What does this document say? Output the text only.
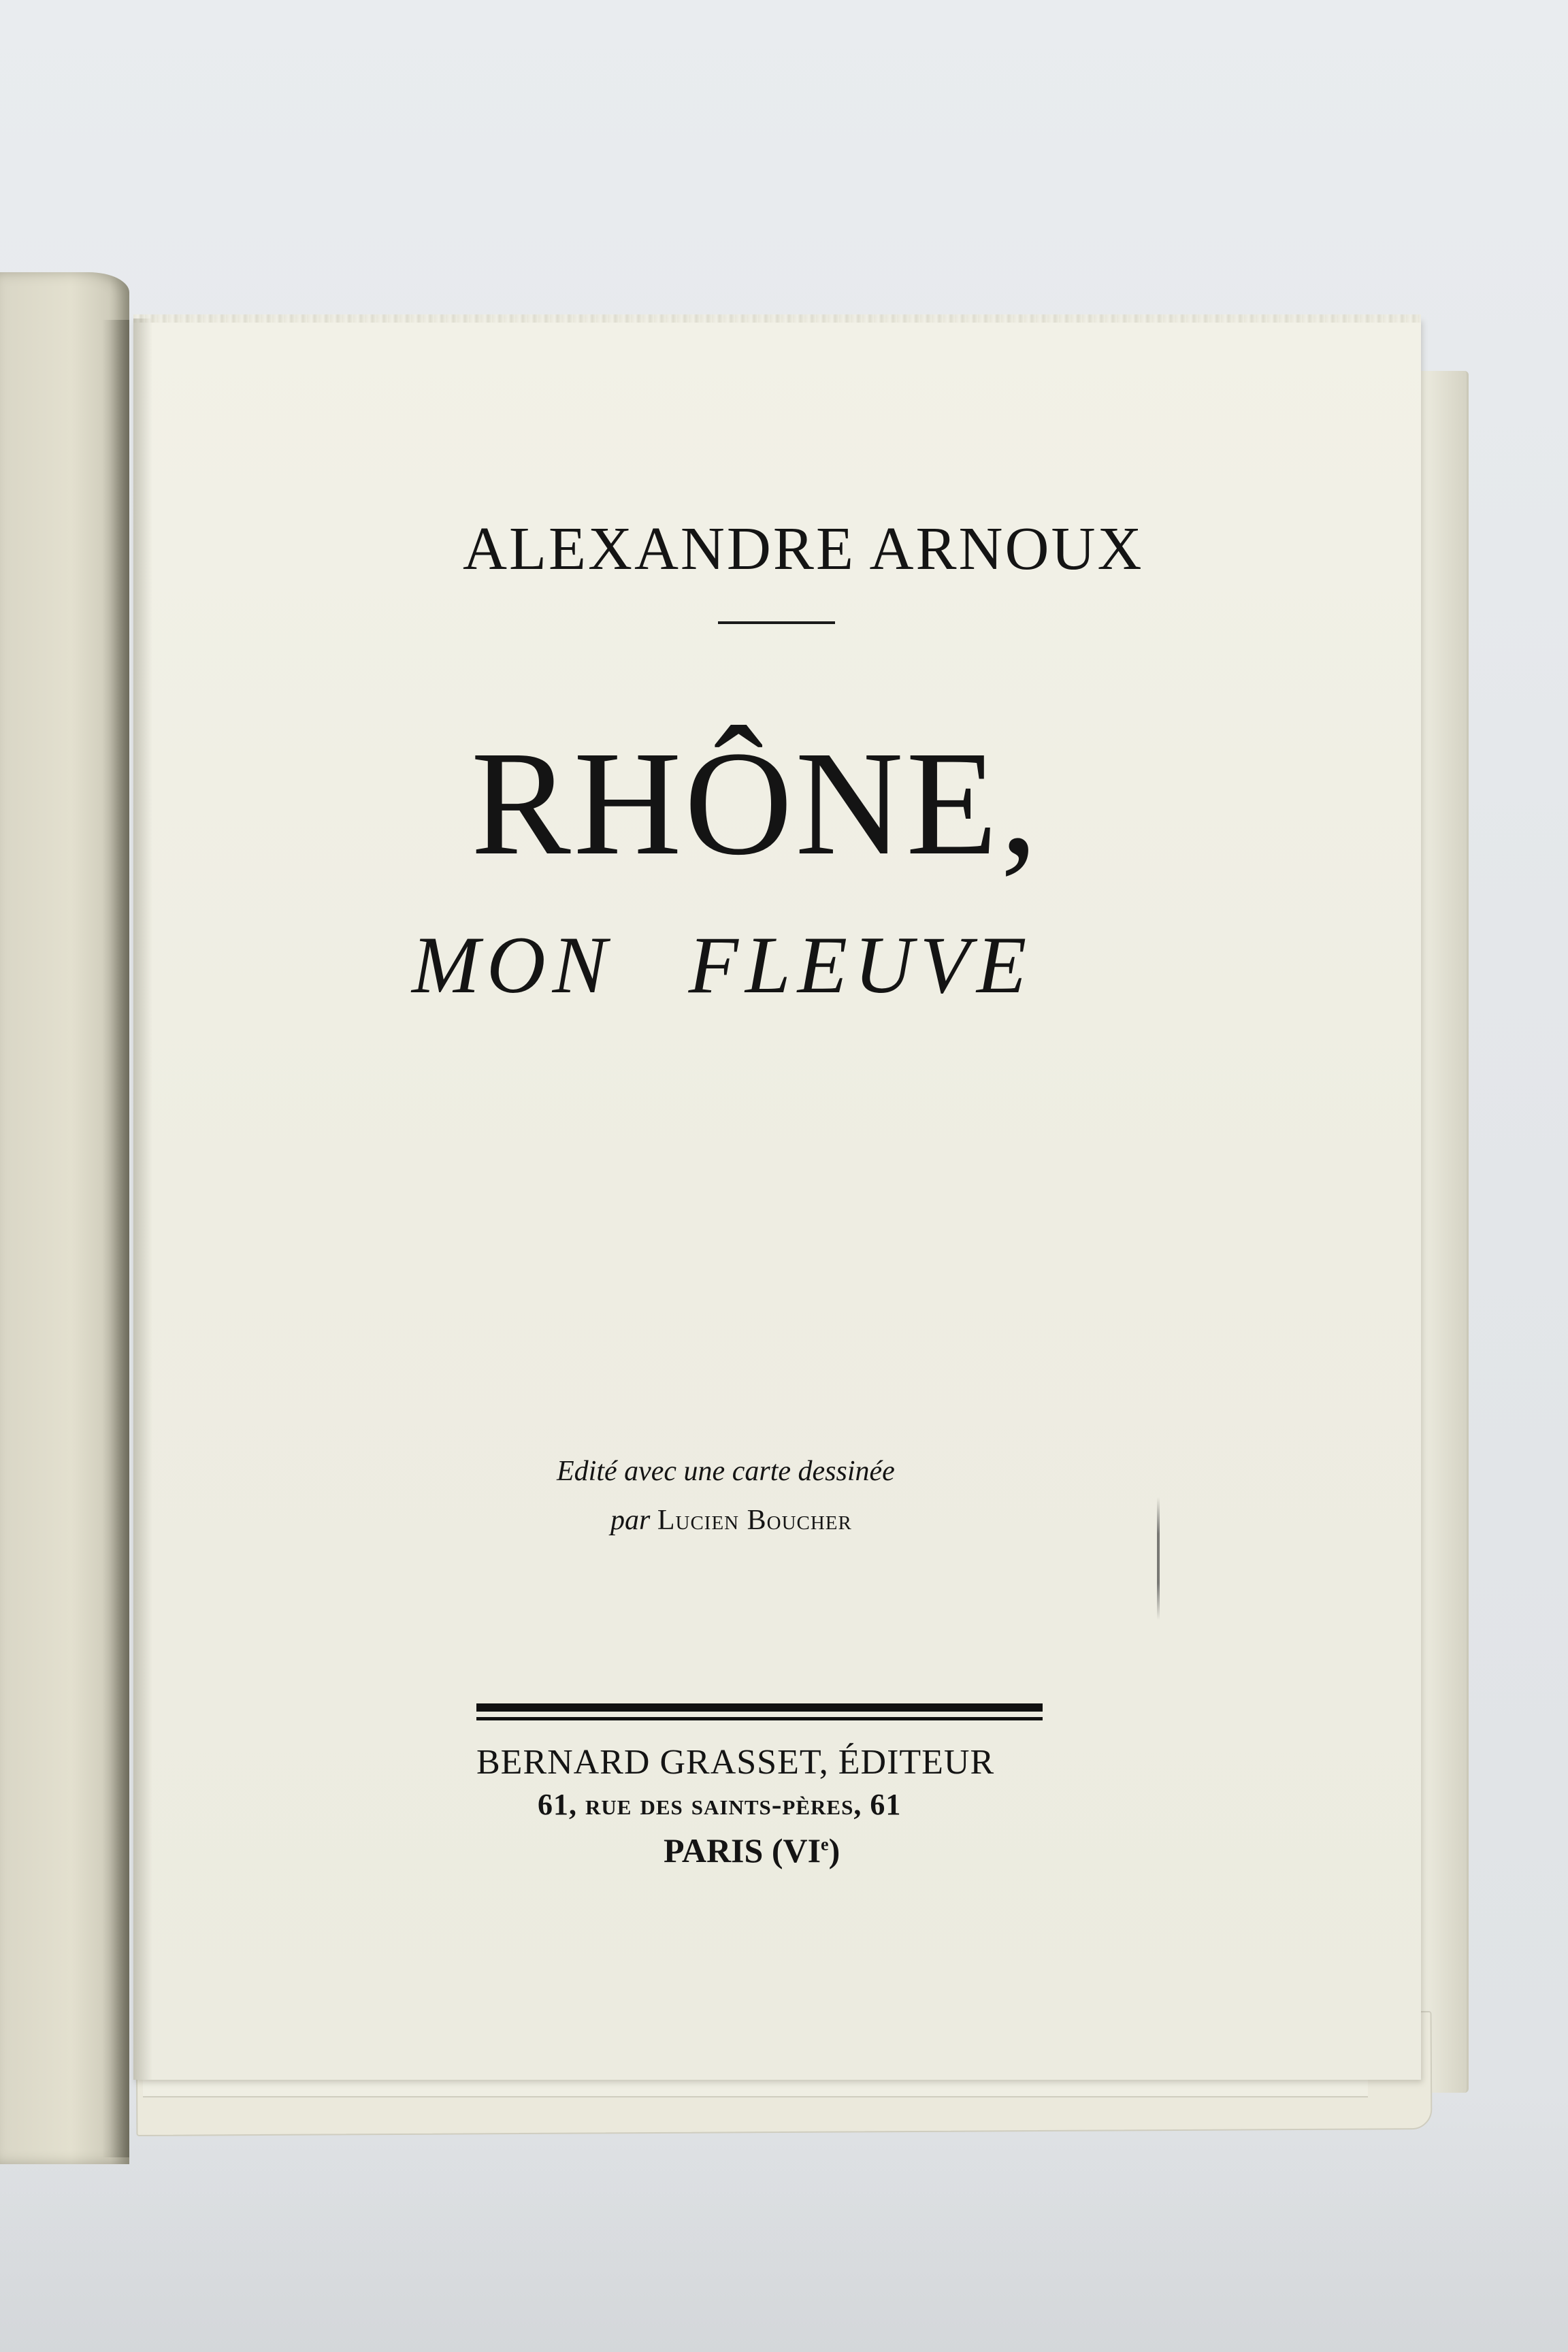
ALEXANDRE ARNOUX
RHÔNE,
MON FLEUVE
Edité avec une carte dessinée
par Lucien Boucher
BERNARD GRASSET, ÉDITEUR
61, rue des saints-pères, 61
PARIS (VIe)
